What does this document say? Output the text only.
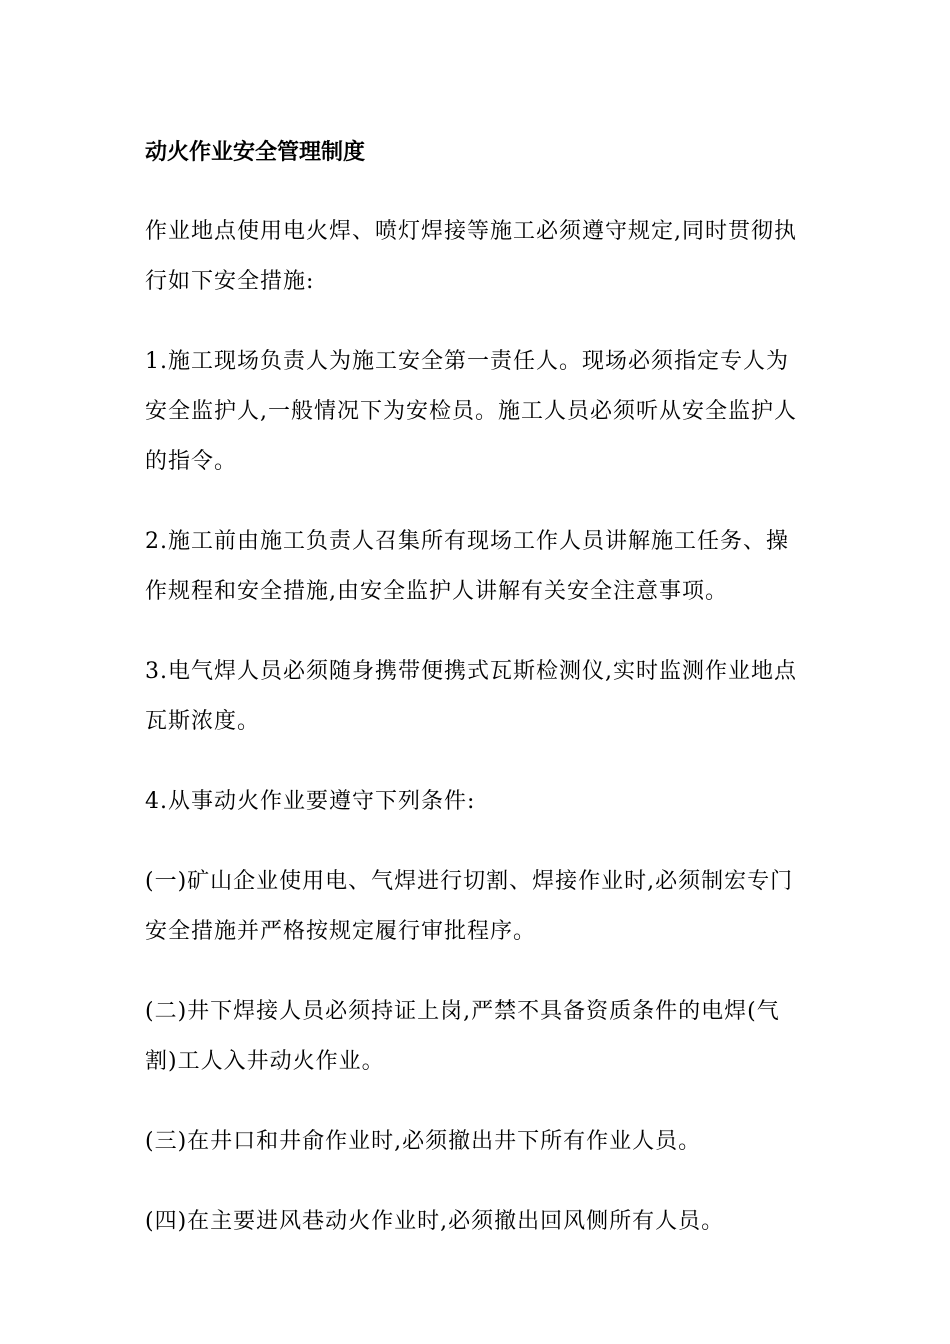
动火作业安全管理制度
作业地点使用电火焊、喷灯焊接等施工必须遵守规定,同时贯彻执行如下安全措施:
1.施工现场负责人为施工安全第一责任人。现场必须指定专人为安全监护人,一般情况下为安检员。施工人员必须听从安全监护人的指令。
2.施工前由施工负责人召集所有现场工作人员讲解施工任务、操作规程和安全措施,由安全监护人讲解有关安全注意事项。
3.电气焊人员必须随身携带便携式瓦斯检测仪,实时监测作业地点瓦斯浓度。
4.从事动火作业要遵守下列条件:
(一)矿山企业使用电、气焊进行切割、焊接作业时,必须制宏专门安全措施并严格按规定履行审批程序。
(二)井下焊接人员必须持证上岗,严禁不具备资质条件的电焊(气割)工人入井动火作业。
(三)在井口和井俞作业时,必须撤出井下所有作业人员。
(四)在主要进风巷动火作业时,必须撤出回风侧所有人员。
